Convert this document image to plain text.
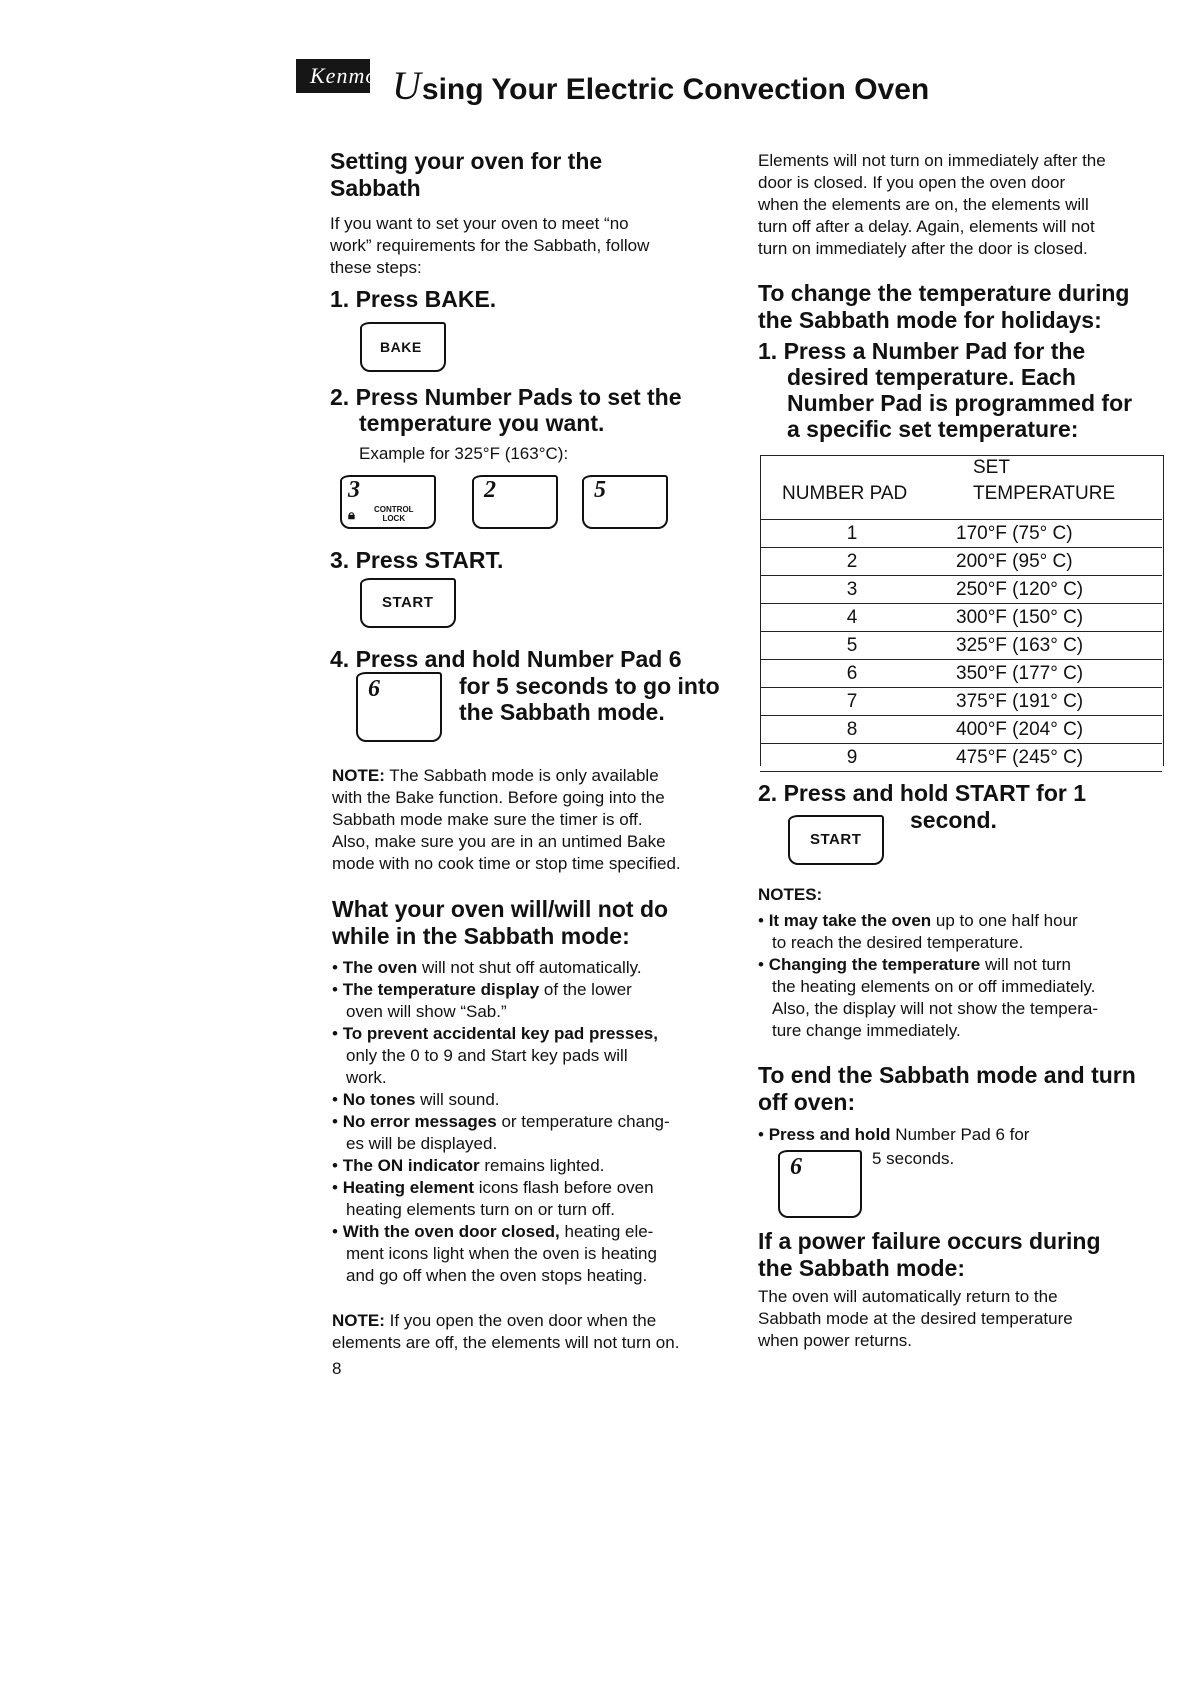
Kenmore
Using Your Electric Convection Oven
Setting your oven for the
Sabbath
If you want to set your oven to meet “no
work” requirements for the Sabbath, follow
these steps:
1. Press BAKE.
BAKE
2. Press Number Pads to set the
temperature you want.
Example for 325°F (163°C):
3
CONTROL
LOCK
🔒︎
2	5
3. Press START.
START
4. Press and hold Number Pad 6
for 5 seconds to go into
the Sabbath mode.
6
NOTE: The Sabbath mode is only available
with the Bake function. Before going into the
Sabbath mode make sure the timer is off.
Also, make sure you are in an untimed Bake
mode with no cook time or stop time specified.
What your oven will/will not do
while in the Sabbath mode:
• The oven will not shut off automatically.
• The temperature display of the lower
oven will show “Sab.”
• To prevent accidental key pad presses,
only the 0 to 9 and Start key pads will
work.
• No tones will sound.
• No error messages or temperature chang-
es will be displayed.
• The ON indicator remains lighted.
• Heating element icons flash before oven
heating elements turn on or turn off.
• With the oven door closed, heating ele-
ment icons light when the oven is heating
and go off when the oven stops heating.
NOTE: If you open the oven door when the
elements are off, the elements will not turn on.
8
Elements will not turn on immediately after the
door is closed. If you open the oven door
when the elements are on, the elements will
turn off after a delay. Again, elements will not
turn on immediately after the door is closed.
To change the temperature during
the Sabbath mode for holidays:
1. Press a Number Pad for the
desired temperature. Each
Number Pad is programmed for
a specific set temperature:
NUMBER PAD
SET
TEMPERATURE
1	170°F (75° C)
2	200°F (95° C)
3	250°F (120° C)
4	300°F (150° C)
5	325°F (163° C)
6	350°F (177° C)
7	375°F (191° C)
8	400°F (204° C)
9	475°F (245° C)
2. Press and hold START for 1
second.
START
NOTES:
• It may take the oven up to one half hour
to reach the desired temperature.
• Changing the temperature will not turn
the heating elements on or off immediately.
Also, the display will not show the tempera-
ture change immediately.
To end the Sabbath mode and turn
off oven:
• Press and hold Number Pad 6 for
5 seconds.
6
If a power failure occurs during
the Sabbath mode:
The oven will automatically return to the
Sabbath mode at the desired temperature
when power returns.
